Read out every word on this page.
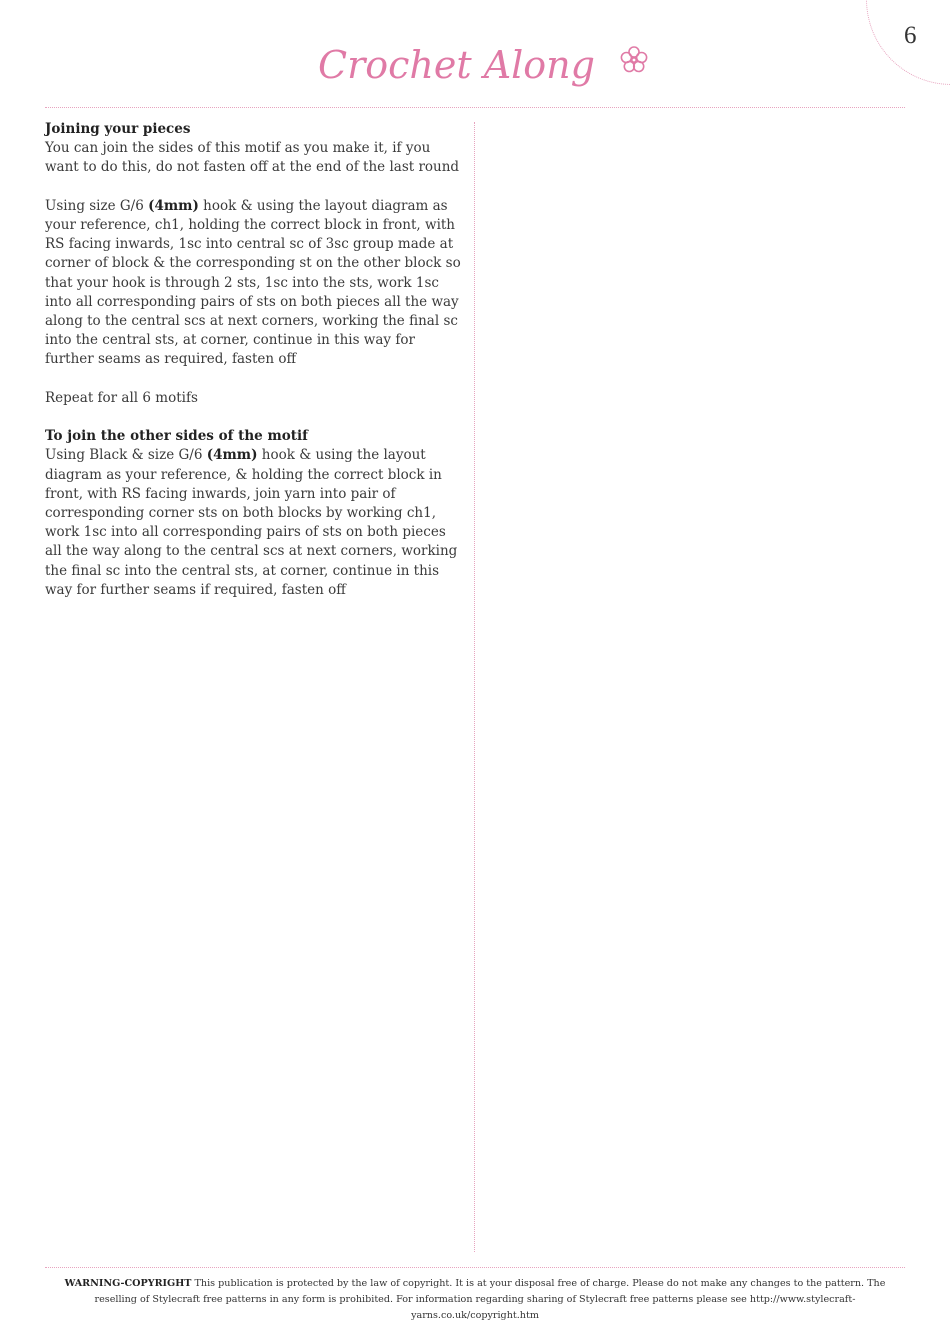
6
Crochet Along
Joining your pieces

You can join the sides of this motif as you make it, if you want to do this, do not fasten off at the end of the last round

Using size G/6 (4mm) hook & using the layout diagram as your reference, ch1, holding the correct block in front, with RS facing inwards, 1sc into central sc of 3sc group made at corner of block & the corresponding st on the other block so that your hook is through 2 sts, 1sc into the sts, work 1sc into all corresponding pairs of sts on both pieces all the way along to the central scs at next corners, working the final sc into the central sts, at corner, continue in this way for further seams as required, fasten off

Repeat for all 6 motifs

To join the other sides of the motif

Using Black & size G/6 (4mm) hook & using the layout diagram as your reference, & holding the correct block in front, with RS facing inwards, join yarn into pair of corresponding corner sts on both blocks by working ch1, work 1sc into all corresponding pairs of sts on both pieces all the way along to the central scs at next corners, working the final sc into the central sts, at corner, continue in this way for further seams if required, fasten off

WARNING-COPYRIGHT This publication is protected by the law of copyright. It is at your disposal free of charge. Please do not make any changes to the pattern. The reselling of Stylecraft free patterns in any form is prohibited. For information regarding sharing of Stylecraft free patterns please see http://www.stylecraft-yarns.co.uk/copyright.htm
